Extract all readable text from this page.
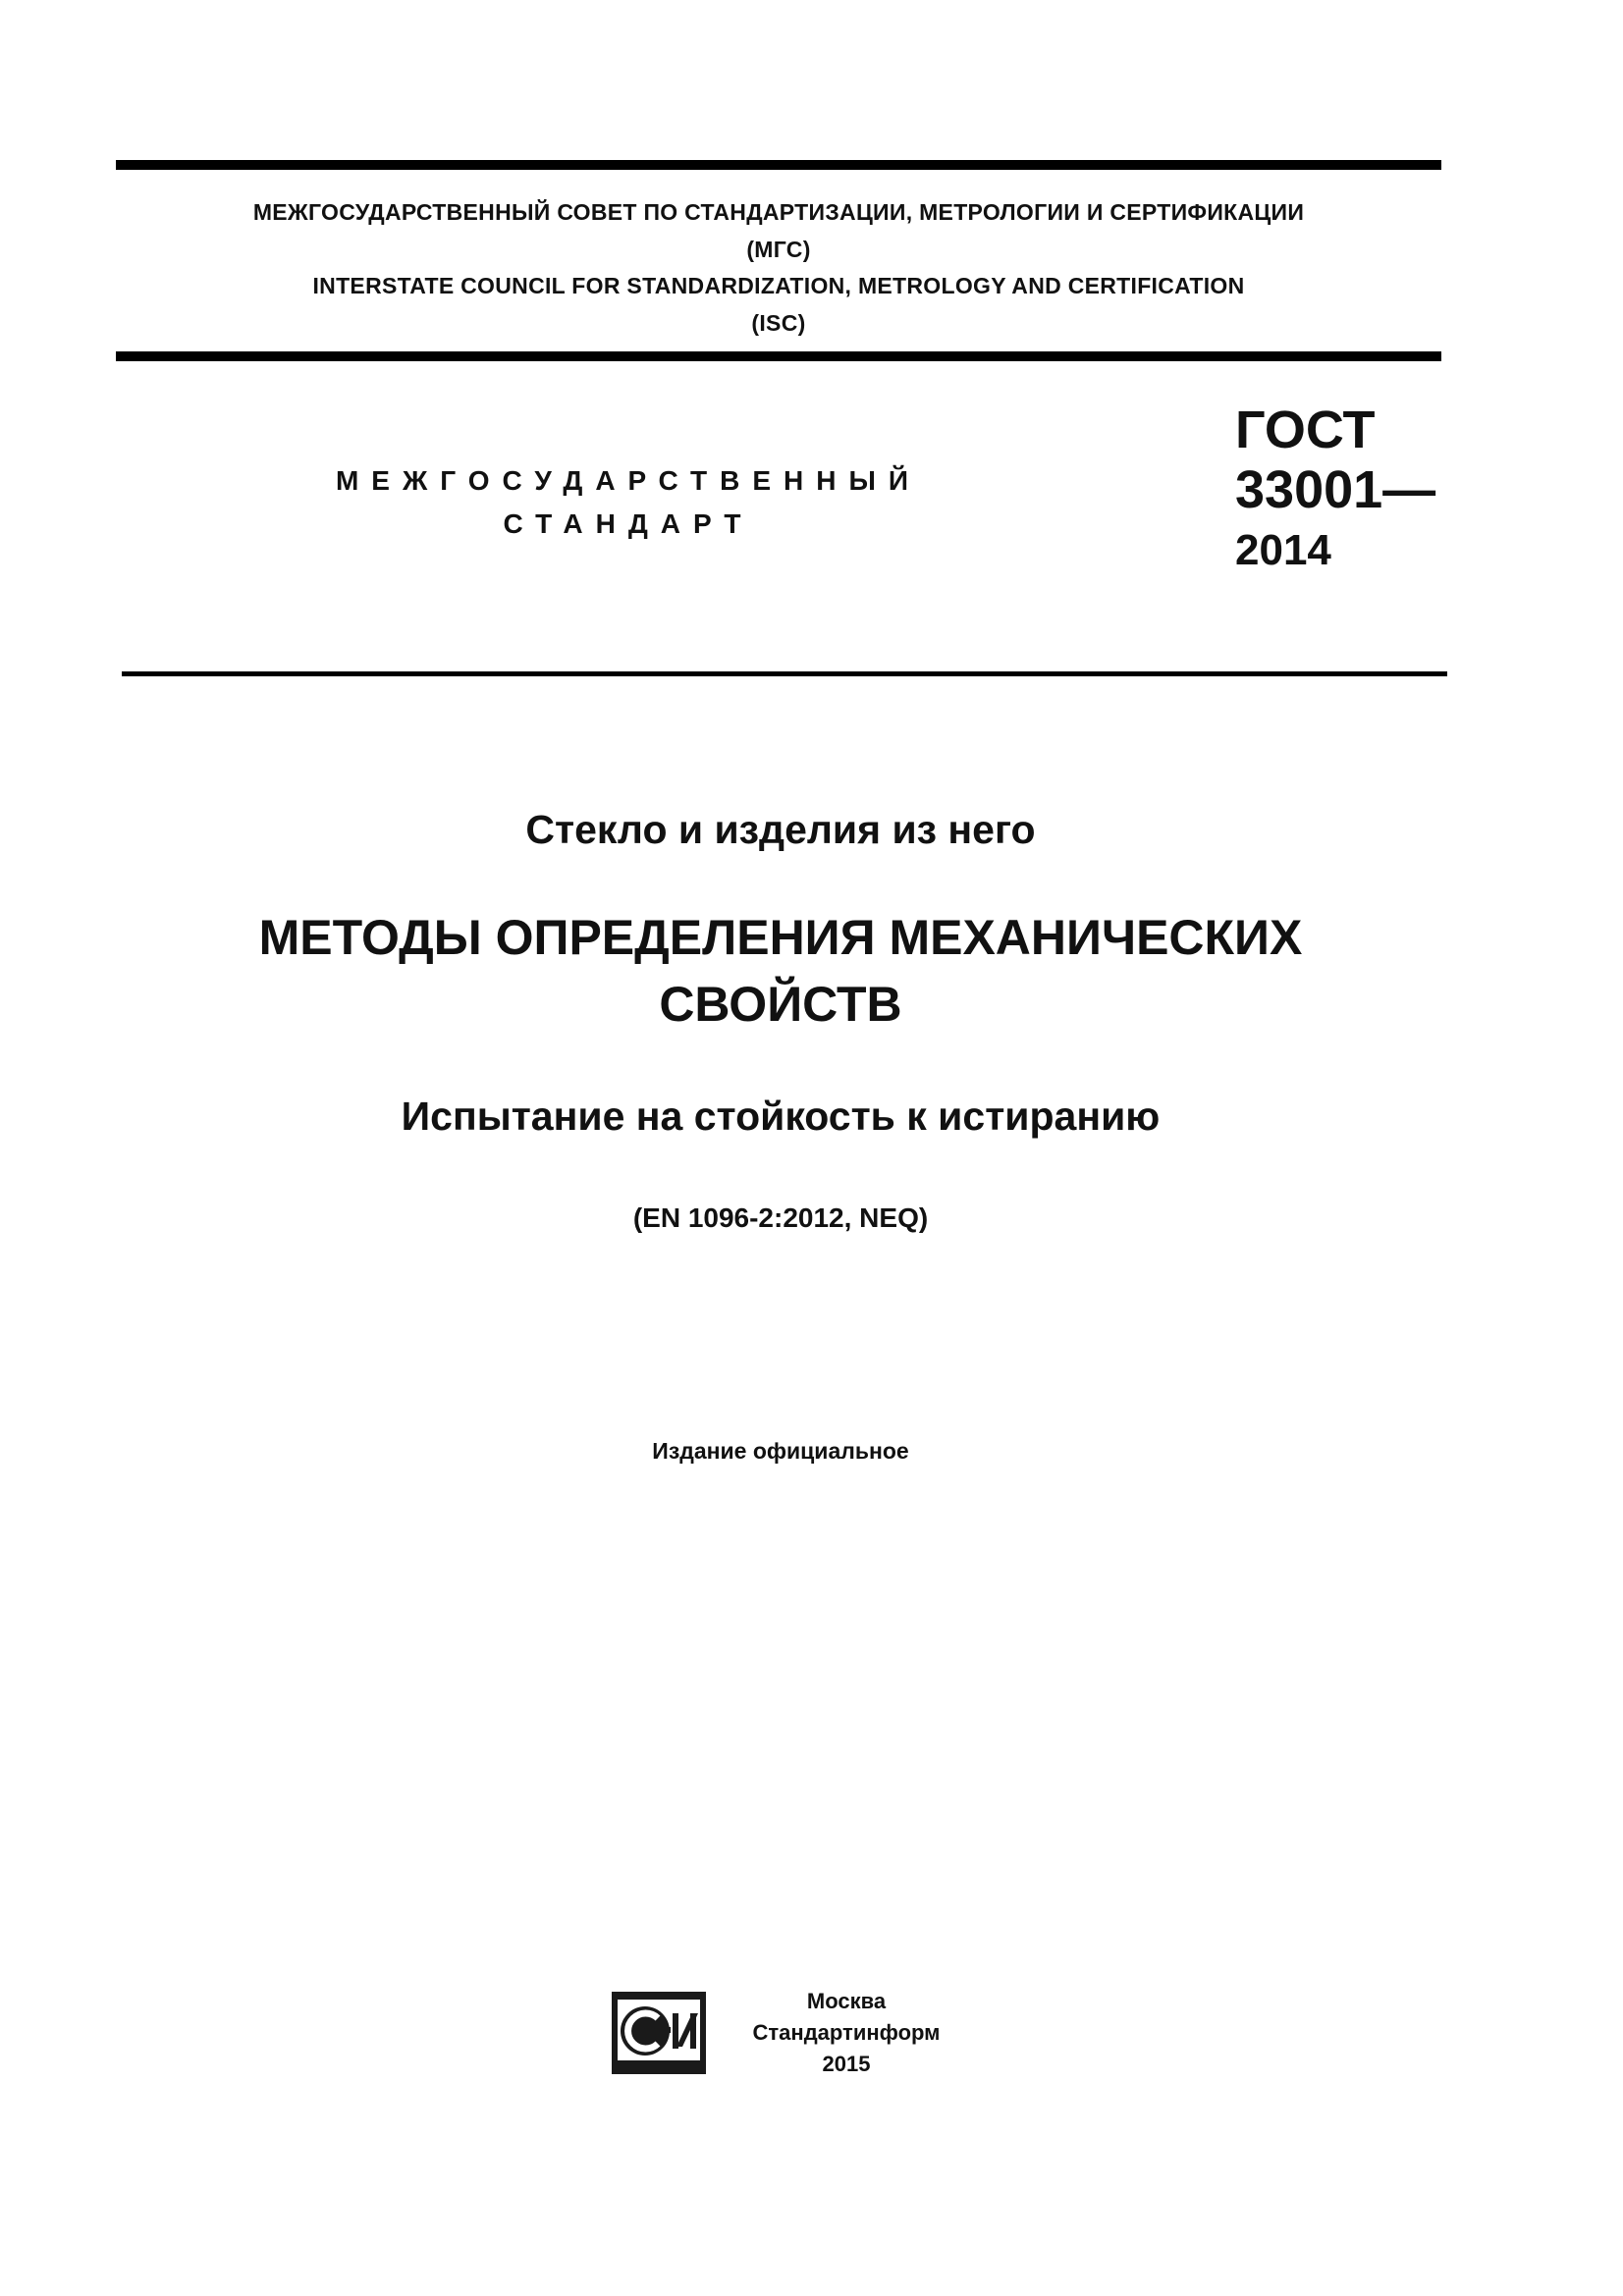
МЕЖГОСУДАРСТВЕННЫЙ СОВЕТ ПО СТАНДАРТИЗАЦИИ, МЕТРОЛОГИИ И СЕРТИФИКАЦИИ
(МГС)
INTERSTATE COUNCIL FOR STANDARDIZATION, METROLOGY AND CERTIFICATION
(ISC)
МЕЖГОСУДАРСТВЕННЫЙ
СТАНДАРТ
ГОСТ
33001—
2014
Стекло и изделия из него
МЕТОДЫ ОПРЕДЕЛЕНИЯ МЕХАНИЧЕСКИХ
СВОЙСТВ
Испытание на стойкость к истиранию
(EN 1096-2:2012, NEQ)
Издание официальное
Москва
Стандартинформ
2015
